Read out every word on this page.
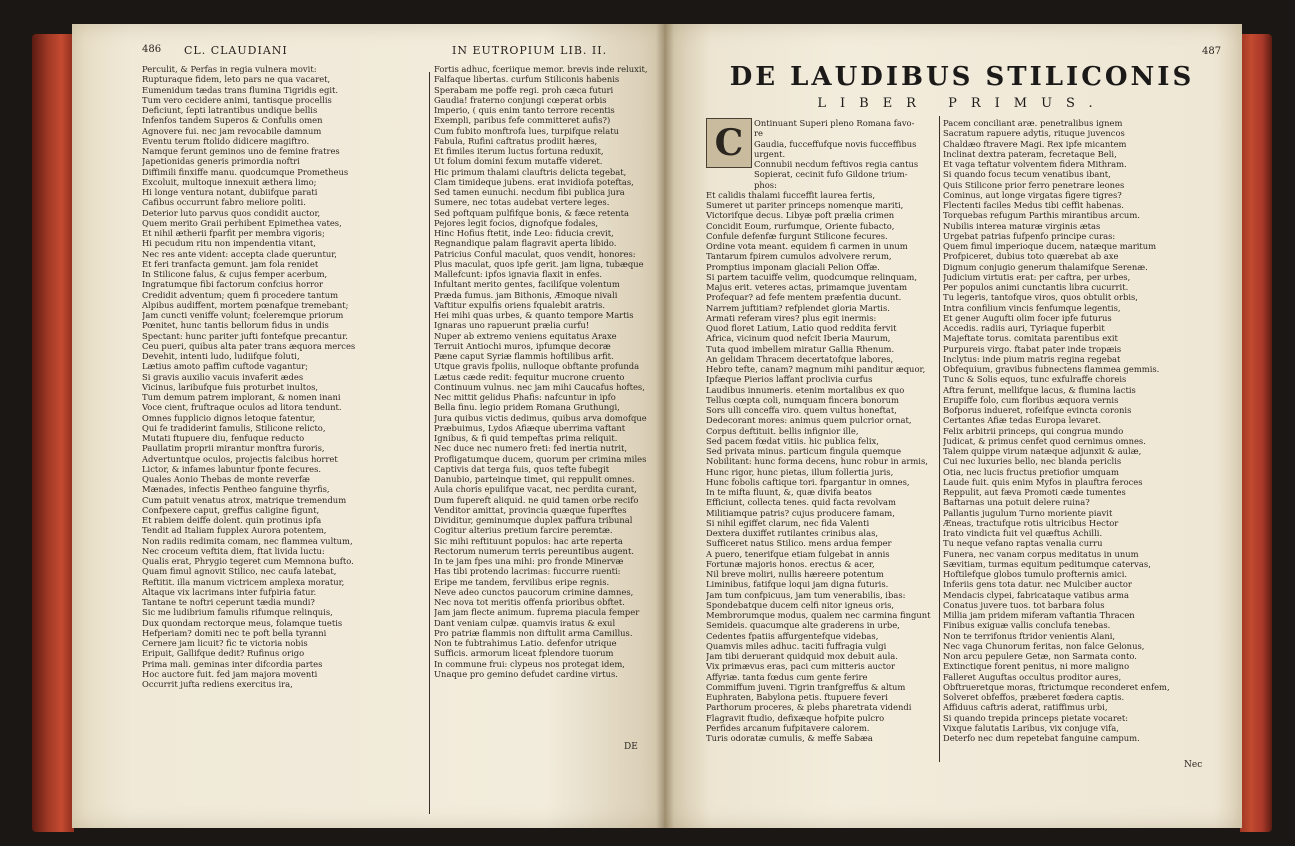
486 CL. CLAUDIANI	IN EUTROPIUM LIB. II.
Perculit, & Perfas in regia vulnera movit:
Rupturaque fidem, leto pars ne qua vacaret,
Eumenidum tædas trans flumina Tigridis egit.
Tum vero cecidere animi, tantisque procellis
Deficiunt, ſepti latrantibus undique bellis
Infenfos tandem Superos & Confulis omen
Agnovere fui. nec jam revocabile damnum
Eventu terum ftolido didicere magiftro.
Namque ferunt geminos uno de femine fratres
Japetionidas generis primordia noftri
Diffimili finxiffe manu. quodcumque Prometheus
Excoluit, multoque innexuit æthera limo;
Hi longe ventura notant, dubiifque parati
Cafibus occurrunt fabro meliore politi.
Deterior luto parvus quos condidit auctor,
Quem merito Graii perhibent Epimethea vates,
Et nihil ætherii fparfit per membra vigoris;
Hi pecudum ritu non impendentia vitant,
Nec res ante vident: accepta clade queruntur,
Et feri tranfacta gemunt. jam fola renidet
In Stilicone falus, & cujus femper acerbum,
Ingratumque fibi factorum confcius horror
Credidit adventum; quem fi procedere tantum
Alpibus audiffent, mortem pœnafque tremebant;
Jam cuncti veniffe volunt; fceleremque priorum
Pœnitet, hunc tantis bellorum fidus in undis
Spectant: hunc pariter jufti fontefque precantur.
Ceu pueri, quibus alta pater trans æquora merces
Devehit, intenti ludo, ludiifque foluti,
Lætius amoto paffim cuftode vagantur;
Si gravis auxilio vacuis invaferit ædes
Vicinus, laribufque fuis proturbet inultos,
Tum demum patrem implorant, & nomen inani
Voce cient, fruftraque oculos ad litora tendunt.
Omnes fupplicio dignos letoque fatentur,
Qui fe tradiderint famulis, Stilicone relicto,
Mutati ftupuere diu, fenfuque reducto
Paullatim proprii mirantur monftra furoris,
Advertuntque oculos, projectis falcibus horret
Lictor, & infames labuntur fponte fecures.
Quales Aonio Thebas de monte reverfæ
Mænades, infectis Pentheo fanguine thyrfis,
Cum patuit venatus atrox, matrique tremendum
Confpexere caput, greffus caligine figunt,
Et rabiem deiffe dolent. quin protinus ipfa
Tendit ad Italiam fupplex Aurora potentem,
Non radiis redimita comam, nec flammea vultum,
Nec croceum veftita diem, ftat livida luctu:
Qualis erat, Phrygio tegeret cum Memnona bufto.
Quam fimul agnovit Stilico, nec caufa latebat,
Reftitit. illa manum victricem amplexa moratur,
Altaque vix lacrimans inter fufpiria fatur.
Tantane te noftri ceperunt tædia mundi?
Sic me ludibrium famulis rifumque relinquis,
Dux quondam rectorque meus, folamque tuetis
Hefperiam? domiti nec te poft bella tyranni
Cernere jam licuit? fic te victoria nobis
Eripuit, Gallifque dedit? Rufinus origo
Prima mali. geminas inter difcordia partes
Hoc auctore fuit. fed jam majora moventi
Occurrit jufta rediens exercitus ira,
Fortis adhuc, fceriique memor. brevis inde reluxit,
Falfaque libertas. curfum Stiliconis habenis
Sperabam me poffe regi. proh cæca futuri
Gaudia! fraterno conjungi cœperat orbis
Imperio, ( quis enim tanto terrore recentis
Exempli, paribus fefe committeret aufis?)
Cum fubito monftrofa lues, turpifque relatu
Fabula, Rufini caftratus prodiit hæres,
Et fimiles iterum luctus fortuna reduxit,
Ut folum domini fexum mutaffe videret.
Hic primum thalami clauftris delicta tegebat,
Clam timideque jubens. erat invidiofa poteftas,
Sed tamen eunuchi. necdum fibi publica jura
Sumere, nec totas audebat vertere leges.
Sed poftquam pulfifque bonis, & fæce retenta
Pejores legit focios, dignofque fodales,
Hinc Hofius ftetit, inde Leo: fiducia crevit,
Regnandique palam flagravit aperta libido.
Patricius Conful maculat, quos vendit, honores:
Plus maculat, quos ipfe gerit. jam ligna, tubæque
Mallefcunt: ipfos ignavia flaxit in enfes.
Infultant merito gentes, faciliſque volentum
Præda fumus. jam Bithonis, Æmoque nivali
Vaftitur expulfis oriens fqualebit aratris.
Hei mihi quas urbes, & quanto tempore Martis
Ignaras uno rapuerunt prælia curfu!
Nuper ab extremo veniens equitatus Araxe
Terruit Antiochi muros, ipfumque decoræ
Pæne caput Syriæ flammis hoftilibus arfit.
Utque gravis fpoliis, nulloque obftante profunda
Lætus cæde redit: fequitur mucrone cruento
Continuum vulnus. nec jam mihi Caucafus hoftes,
Nec mittit gelidus Phafis: nafcuntur in ipfo
Bella finu. legio pridem Romana Gruthungi,
Jura quibus victis dedimus, quibus arva domofque
Præbuimus, Lydos Afiæque uberrima vaftant
Ignibus, & fi quid tempeftas prima reliquit.
Nec duce nec numero freti: fed inertia nutrit,
Profligatumque ducem, quorum per crimina miles
Captivis dat terga fuis, quos tefte fubegit
Danubio, parteinque timet, qui reppulit omnes.
Aula choris epulifque vacat, nec perdita curant,
Dum fupereft aliquid. ne quid tamen orbe recifo
Venditor amittat, provincia quæque fuperftes
Dividitur, geminumque duplex paffura tribunal
Cogitur alterius pretium farcire peremtæ.
Sic mihi reftituunt populos: hac arte reperta
Rectorum numerum terris pereuntibus augent.
In te jam fpes una mihi: pro fronde Minervæ
Has tibi protendo lacrimas: fuccurre ruenti:
Eripe me tandem, fervilibus eripe regnis.
Neve adeo cunctos paucorum crimine damnes,
Nec nova tot meritis offenfa prioribus obftet.
Jam jam flecte animum. fuprema piacula femper
Dant veniam culpæ. quamvis iratus & exul
Pro patriæ flammis non diftulit arma Camillus.
Non te fubtrahimus Latio. defenfor utrique
Sufficis. armorum liceat fplendore tuorum
In commune frui: clypeus nos protegat idem,
Unaque pro gemino defudet cardine virtus.
DE
487
DE LAUDIBUS STILICONIS
LIBER PRIMUS.
C	Ontinuant Superi pleno Romana favo-
re
Gaudia, fucceffufque novis fucceffibus
urgent.
Connubii necdum feftivos regia cantus
Sopierat, cecinit fufo Gildone trium-
phos:
Et calidis thalami fucceffit laurea fertis,
Sumeret ut pariter princeps nomenque mariti,
Victorifque decus. Libyæ poft prælia crimen
Concidit Eoum, rurfumque, Oriente fubacto,
Confule defenfæ furgunt Stilicone fecures.
Ordine vota meant. equidem fi carmen in unum
Tantarum fpirem cumulos advolvere rerum,
Promptius imponam glaciali Pelion Offæ.
Si partem tacuiffe velim, quodcumque relinquam,
Majus erit. veteres actas, primamque juventam
Profequar? ad fefe mentem præfentia ducunt.
Narrem juftitiam? refplendet gloria Martis.
Armati referam vires? plus egit inermis:
Quod floret Latium, Latio quod reddita fervit
Africa, vicinum quod nefcit Iberia Maurum,
Tuta quod imbellem miratur Gallia Rhenum.
An gelidam Thracem decertatofque labores,
Hebro tefte, canam? magnum mihi panditur æquor,
Ipfæque Pierios laffant proclivia curfus
Laudibus innumeris. etenim mortalibus ex quo
Tellus cœpta coli, numquam fincera bonorum
Sors ulli conceffa viro. quem vultus honeftat,
Dedecorant mores: animus quem pulcrior ornat,
Corpus deftituit. bellis infignior ille,
Sed pacem fœdat vitiis. hic publica felix,
Sed privata minus. particum fingula quemque
Nobilitant: hunc forma decens, hunc robur in armis,
Hunc rigor, hunc pietas, illum follertia juris,
Hunc fobolis caftique tori. fpargantur in omnes,
In te mifta fluunt, &, quæ divifa beatos
Efficiunt, collecta tenes. quid facta revolvam
Militiamque patris? cujus producere famam,
Si nihil egiffet clarum, nec fida Valenti
Dextera duxiffet rutilantes crinibus alas,
Sufficeret natus Stilico. mens ardua femper
A puero, tenerifque etiam fulgebat in annis
Fortunæ majoris honos. erectus & acer,
Nil breve moliri, nullis hæreere potentum
Liminibus, fatifque loqui jam digna futuris.
Jam tum confpicuus, jam tum venerabilis, ibas:
Spondebatque ducem celfi nitor igneus oris,
Membrorumque modus, qualem nec carmina fingunt
Semideis. quacumque alte graderens in urbe,
Cedentes fpatiis affurgentefque videbas,
Quamvis miles adhuc. taciti fuffragia vulgi
Jam tibi deruerant quidquid mox debuit aula.
Vix primævus eras, paci cum mitteris auctor
Affyriæ. tanta fœdus cum gente ferire
Commiffum juveni. Tigrin tranfgreffus & altum
Euphraten, Babylona petis. ftupuere feveri
Parthorum proceres, & plebs pharetrata videndi
Flagravit ftudio, defixæque hofpite pulcro
Perfides arcanum fufpitavere calorem.
Turis odoratæ cumulis, & meffe Sabæa
Pacem conciliant aræ. penetralibus ignem
Sacratum rapuere adytis, rituque juvencos
Chaldæo ftravere Magi. Rex ipfe micantem
Inclinat dextra pateram, fecretaque Beli,
Et vaga teftatur volventem fidera Mithram.
Si quando focus tecum venatibus ibant,
Quis Stilicone prior ferro penetrare leones
Cominus, aut longe virgatas figere tigres?
Flectenti faciles Medus tibi ceffit habenas.
Torquebas refugum Parthis mirantibus arcum.
Nubilis interea maturæ virginis ætas
Urgebat patrias fufpenfo principe curas:
Quem fimul imperioque ducem, natæque maritum
Profpiceret, dubius toto quærebat ab axe
Dignum conjugio generum thalamifque Serenæ.
Judicium virtutis erat: per caftra, per urbes,
Per populos animi cunctantis libra cucurrit.
Tu legeris, tantofque viros, quos obtulit orbis,
Intra confilium vincis fenfumque legentis,
Et gener Augufti olim focer ipfe futurus
Accedis. radiis auri, Tyriaque fuperbit
Majeftate torus. comitata parentibus exit
Purpureis virgo. ftabat pater inde tropæis
Inclytus: inde pium matris regina regebat
Obfequium, gravibus fubnectens flammea gemmis.
Tunc & Solis equos, tunc exfulraffe choreis
Aftra ferunt, mellifque lacus, & flumina lactis
Erupiffe folo, cum floribus æquora vernis
Bofporus indueret, rofeifque evincta coronis
Certantes Afiæ tedas Europa levaret.
Felix arbitrii princeps, qui congrua mundo
Judicat, & primus cenfet quod cernimus omnes.
Talem quippe virum natæque adjunxit & aulæ,
Cui nec luxuries bello, nec blanda periclis
Otia, nec lucis fructus pretiofior umquam
Laude fuit. quis enim Myfos in plauftra feroces
Reppulit, aut fæva Promoti cæde tumentes
Baftarnas una potuit delere ruina?
Pallantis jugulum Turno moriente piavit
Æneas, tractufque rotis ultricibus Hector
Irato vindicta fuit vel quæftus Achilli.
Tu neque vefano raptas venalia curru
Funera, nec vanam corpus meditatus in unum
Sævitiam, turmas equitum peditumque catervas,
Hoftilefque globos tumulo profternis amici.
Inferiis gens tota datur. nec Mulciber auctor
Mendacis clypei, fabricataque vatibus arma
Conatus juvere tuos. tot barbara folus
Millia jam pridem miferam vaftantia Thracen
Finibus exiguæ vallis conclufa tenebas.
Non te terrifonus ftridor venientis Alani,
Nec vaga Chunorum feritas, non falce Gelonus,
Non arcu pepulere Getæ, non Sarmata conto.
Extinctique forent penitus, ni more maligno
Falleret Auguftas occultus proditor aures,
Obftrueretque moras, ftrictumque reconderet enfem,
Solveret obfeffos, præberet fœdera captis.
Affiduus caftris aderat, ratiffimus urbi,
Si quando trepida princeps pietate vocaret:
Vixque falutatis Laribus, vix conjuge vifa,
Deterfo nec dum repetebat fanguine campum.
Nec
